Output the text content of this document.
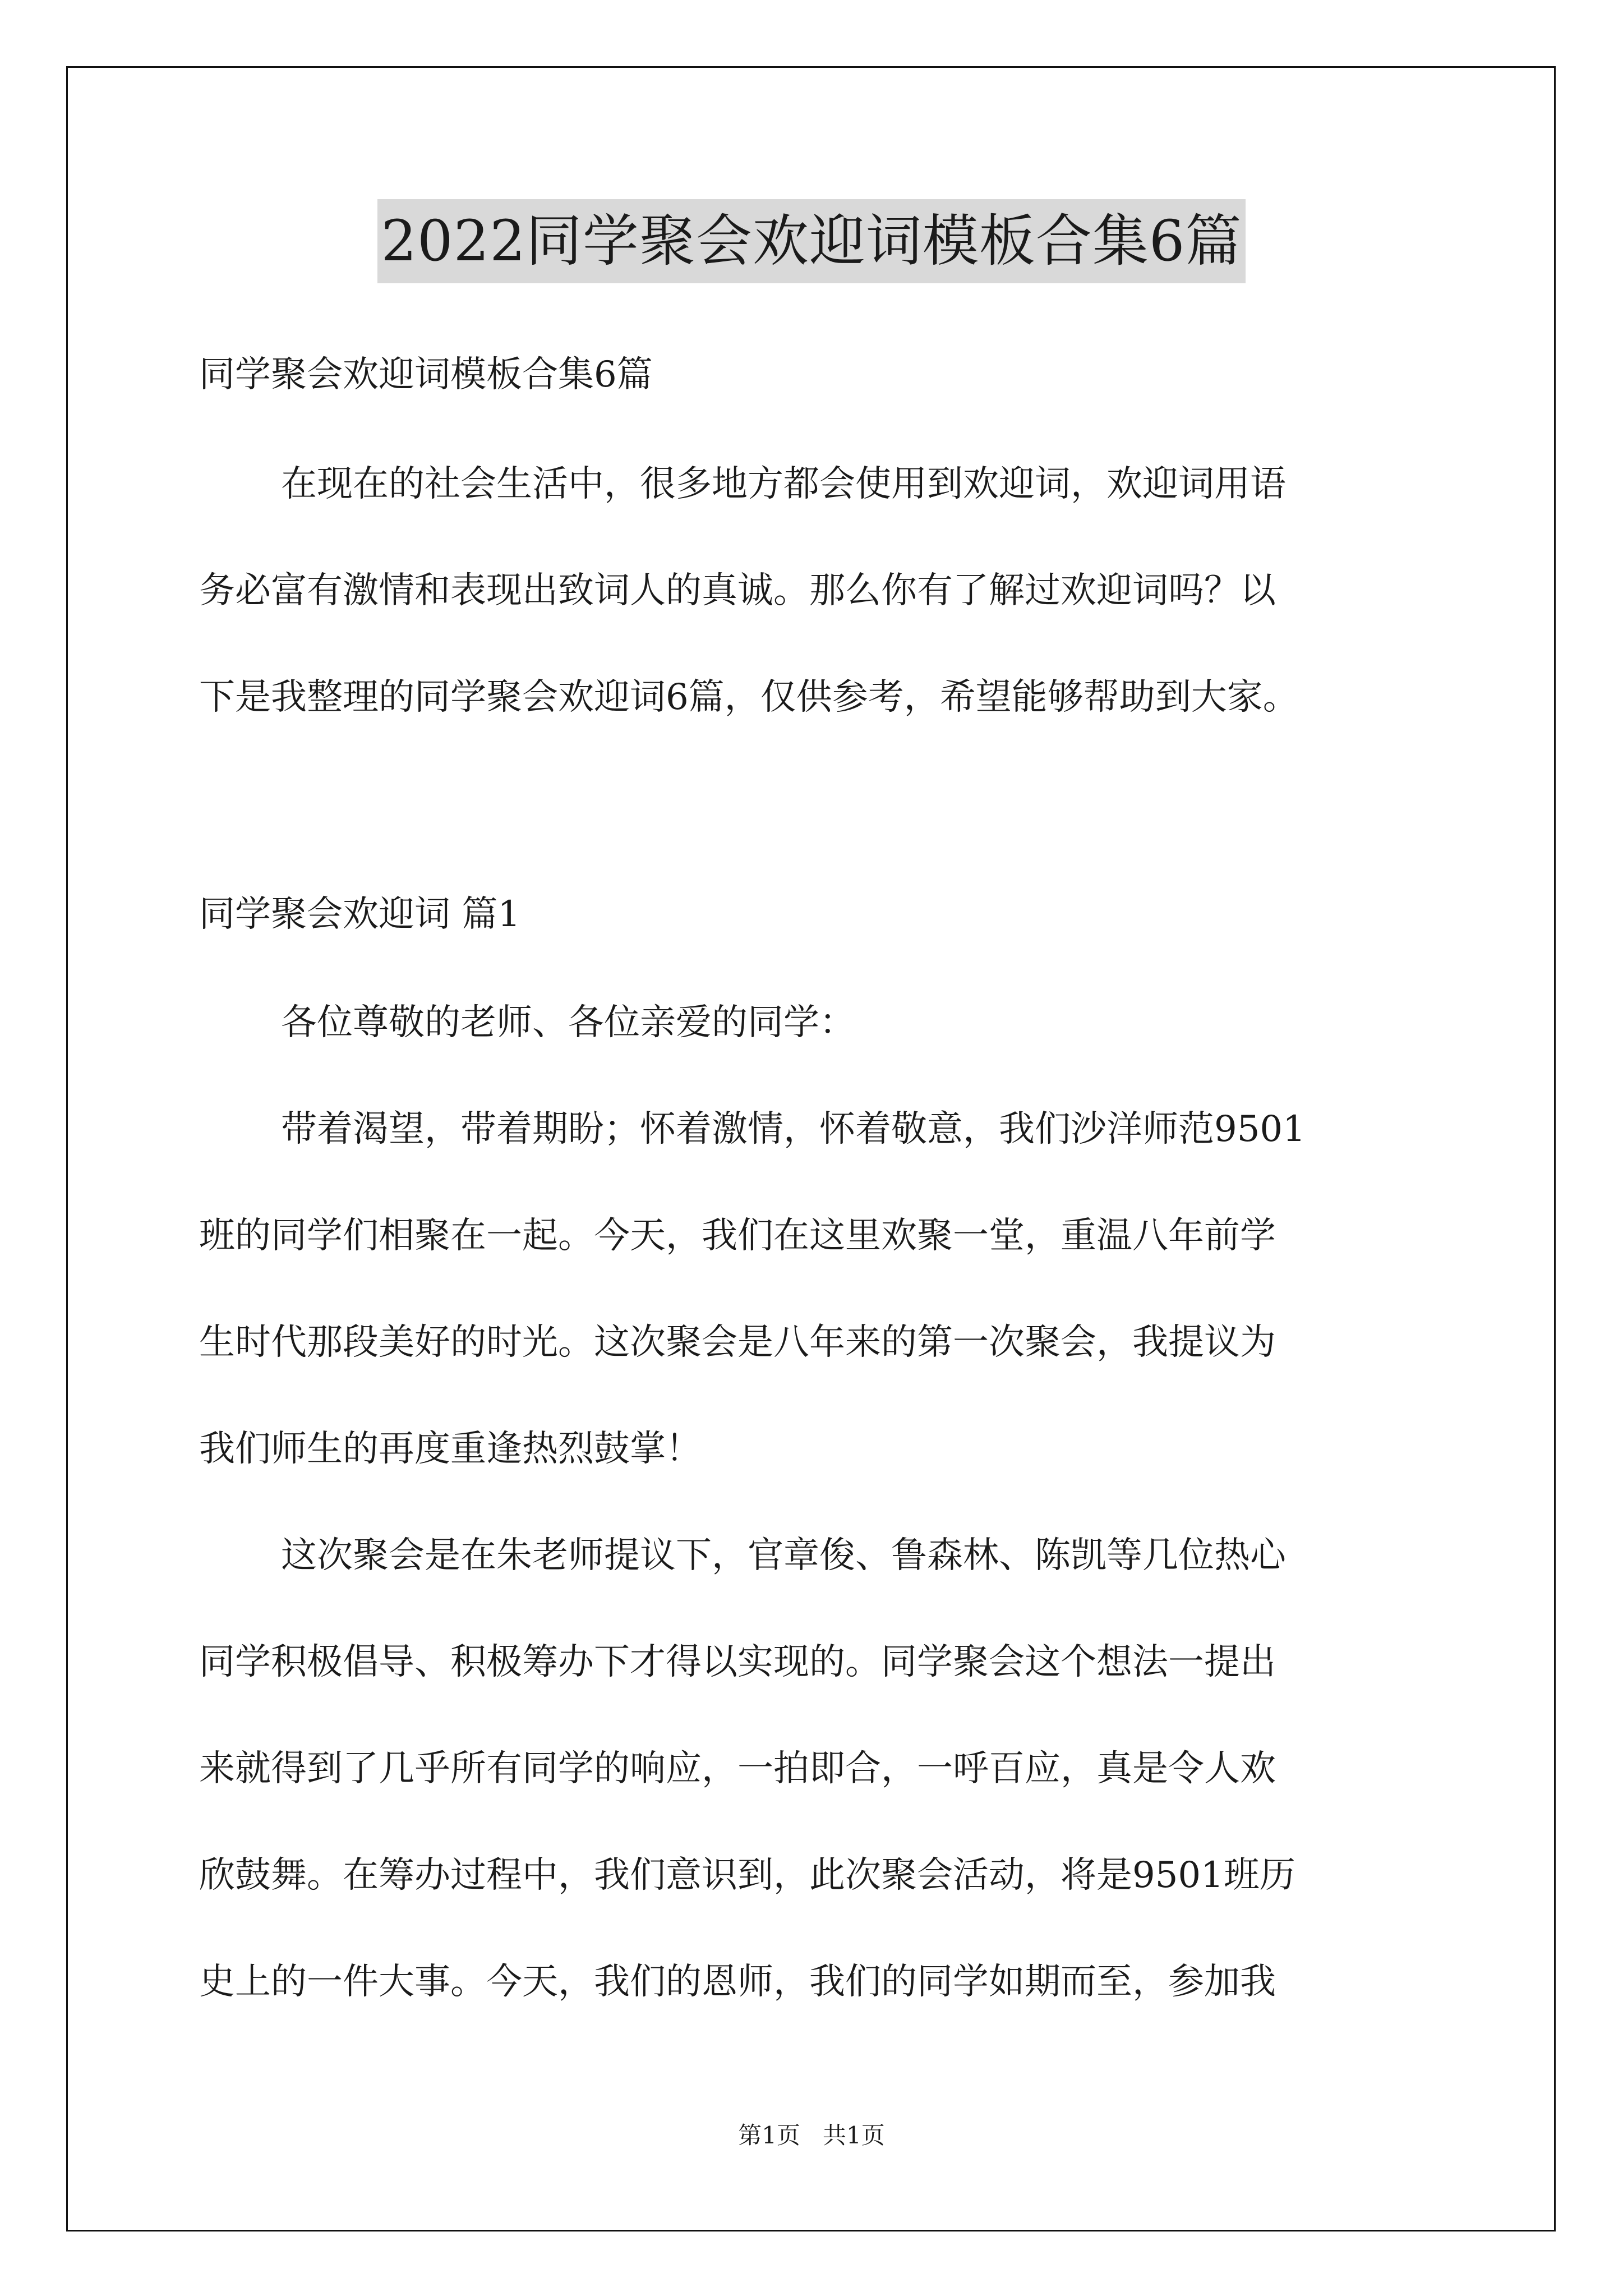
2022同学聚会欢迎词模板合集6篇
同学聚会欢迎词模板合集6篇
在现在的社会生活中，很多地方都会使用到欢迎词，欢迎词用语
务必富有激情和表现出致词人的真诚。那么你有了解过欢迎词吗？以
下是我整理的同学聚会欢迎词6篇，仅供参考，希望能够帮助到大家。
同学聚会欢迎词 篇1
各位尊敬的老师、各位亲爱的同学：
带着渴望，带着期盼；怀着激情，怀着敬意，我们沙洋师范9501
班的同学们相聚在一起。今天，我们在这里欢聚一堂，重温八年前学
生时代那段美好的时光。这次聚会是八年来的第一次聚会，我提议为
我们师生的再度重逢热烈鼓掌！
这次聚会是在朱老师提议下，官章俊、鲁森林、陈凯等几位热心
同学积极倡导、积极筹办下才得以实现的。同学聚会这个想法一提出
来就得到了几乎所有同学的响应，一拍即合，一呼百应，真是令人欢
欣鼓舞。在筹办过程中，我们意识到，此次聚会活动，将是9501班历
史上的一件大事。今天，我们的恩师，我们的同学如期而至，参加我
第1页   共1页
